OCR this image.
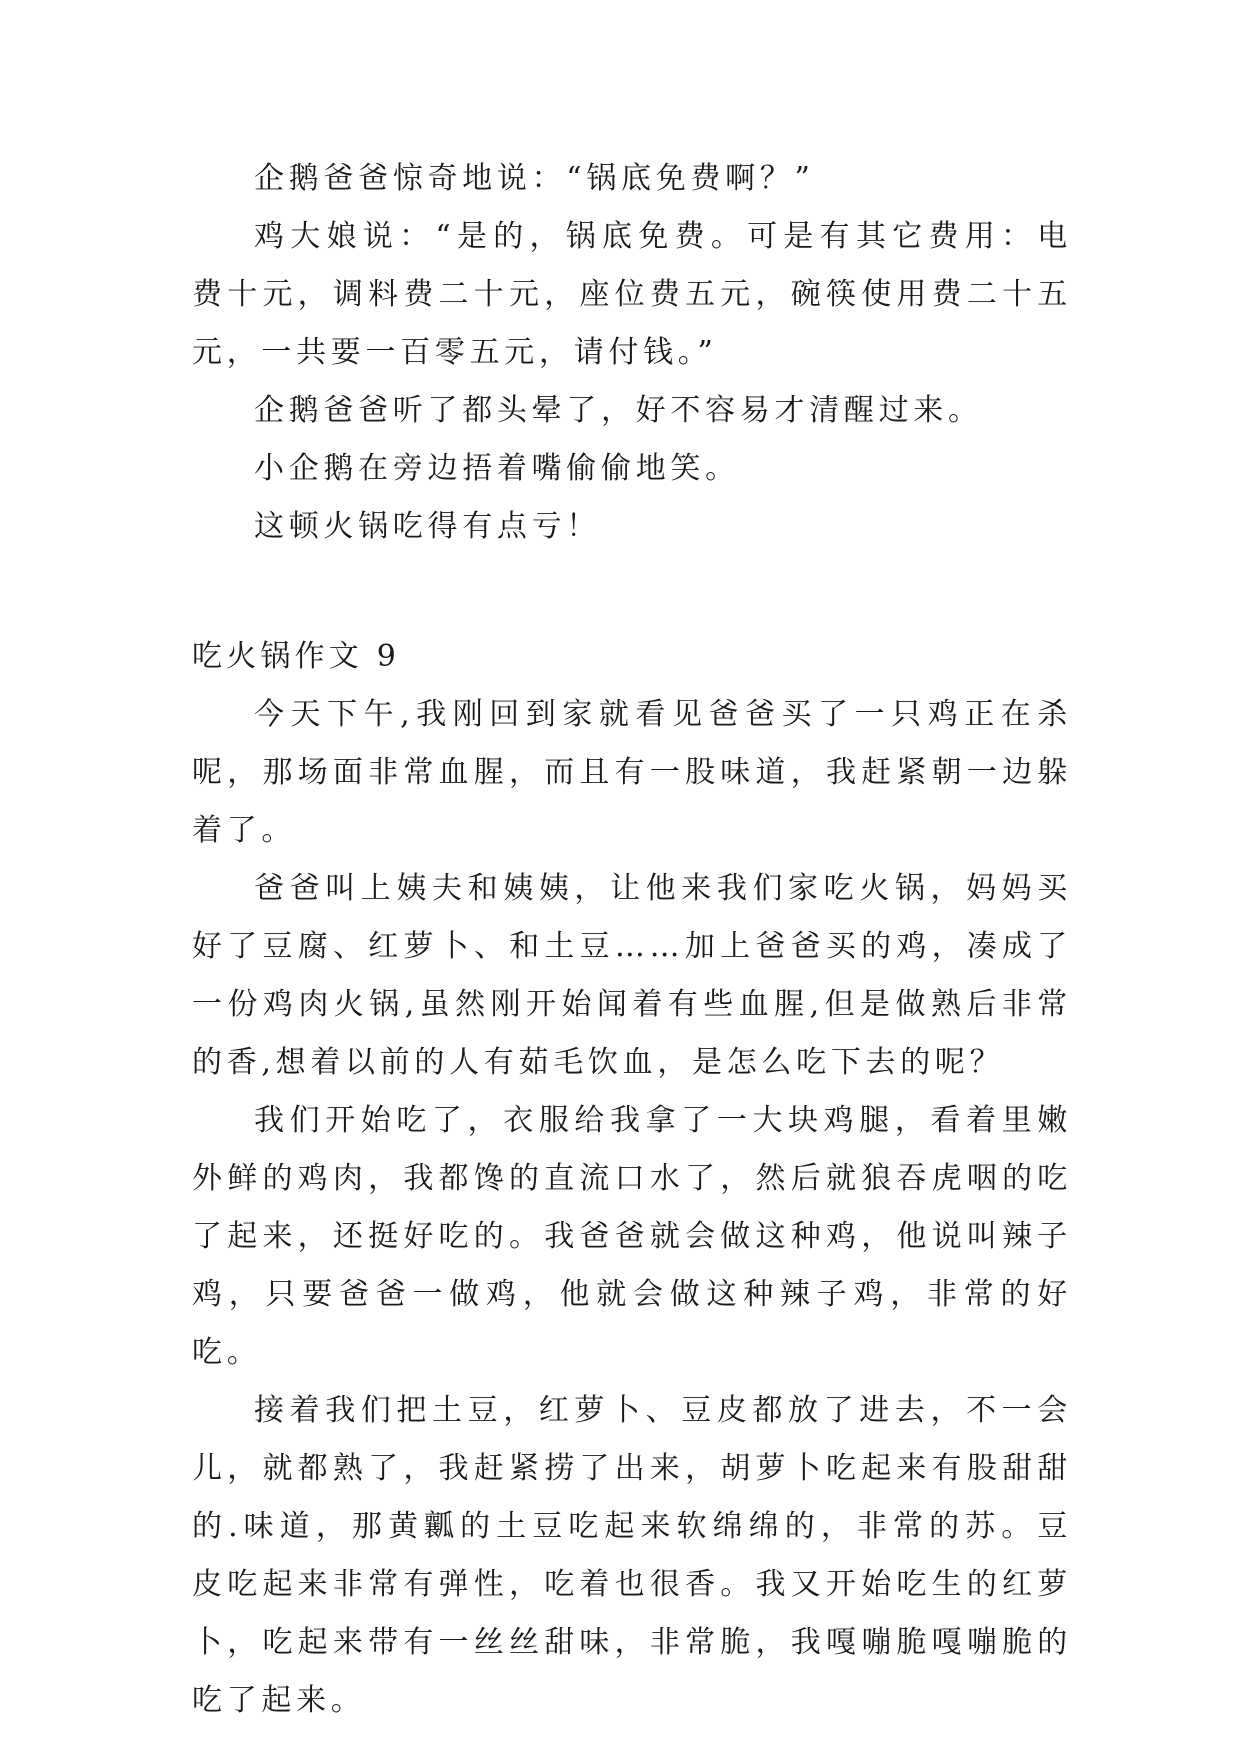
企鹅爸爸惊奇地说：“锅底免费啊？”

鸡大娘说：“是的，锅底免费。可是有其它费用：电费十元，调料费二十元，座位费五元，碗筷使用费二十五元，一共要一百零五元，请付钱。”

企鹅爸爸听了都头晕了，好不容易才清醒过来。

小企鹅在旁边捂着嘴偷偷地笑。

这顿火锅吃得有点亏！

吃火锅作文 9

今天下午,我刚回到家就看见爸爸买了一只鸡正在杀呢，那场面非常血腥，而且有一股味道，我赶紧朝一边躲着了。

爸爸叫上姨夫和姨姨，让他来我们家吃火锅，妈妈买好了豆腐、红萝卜、和土豆……加上爸爸买的鸡，凑成了一份鸡肉火锅,虽然刚开始闻着有些血腥,但是做熟后非常的香,想着以前的人有茹毛饮血，是怎么吃下去的呢？

我们开始吃了，衣服给我拿了一大块鸡腿，看着里嫩外鲜的鸡肉，我都馋的直流口水了，然后就狼吞虎咽的吃了起来，还挺好吃的。我爸爸就会做这种鸡，他说叫辣子鸡，只要爸爸一做鸡，他就会做这种辣子鸡，非常的好吃。

接着我们把土豆，红萝卜、豆皮都放了进去，不一会儿，就都熟了，我赶紧捞了出来，胡萝卜吃起来有股甜甜的.味道，那黄瓤的土豆吃起来软绵绵的，非常的苏。豆皮吃起来非常有弹性，吃着也很香。我又开始吃生的红萝卜，吃起来带有一丝丝甜味，非常脆，我嘎嘣脆嘎嘣脆的吃了起来。
